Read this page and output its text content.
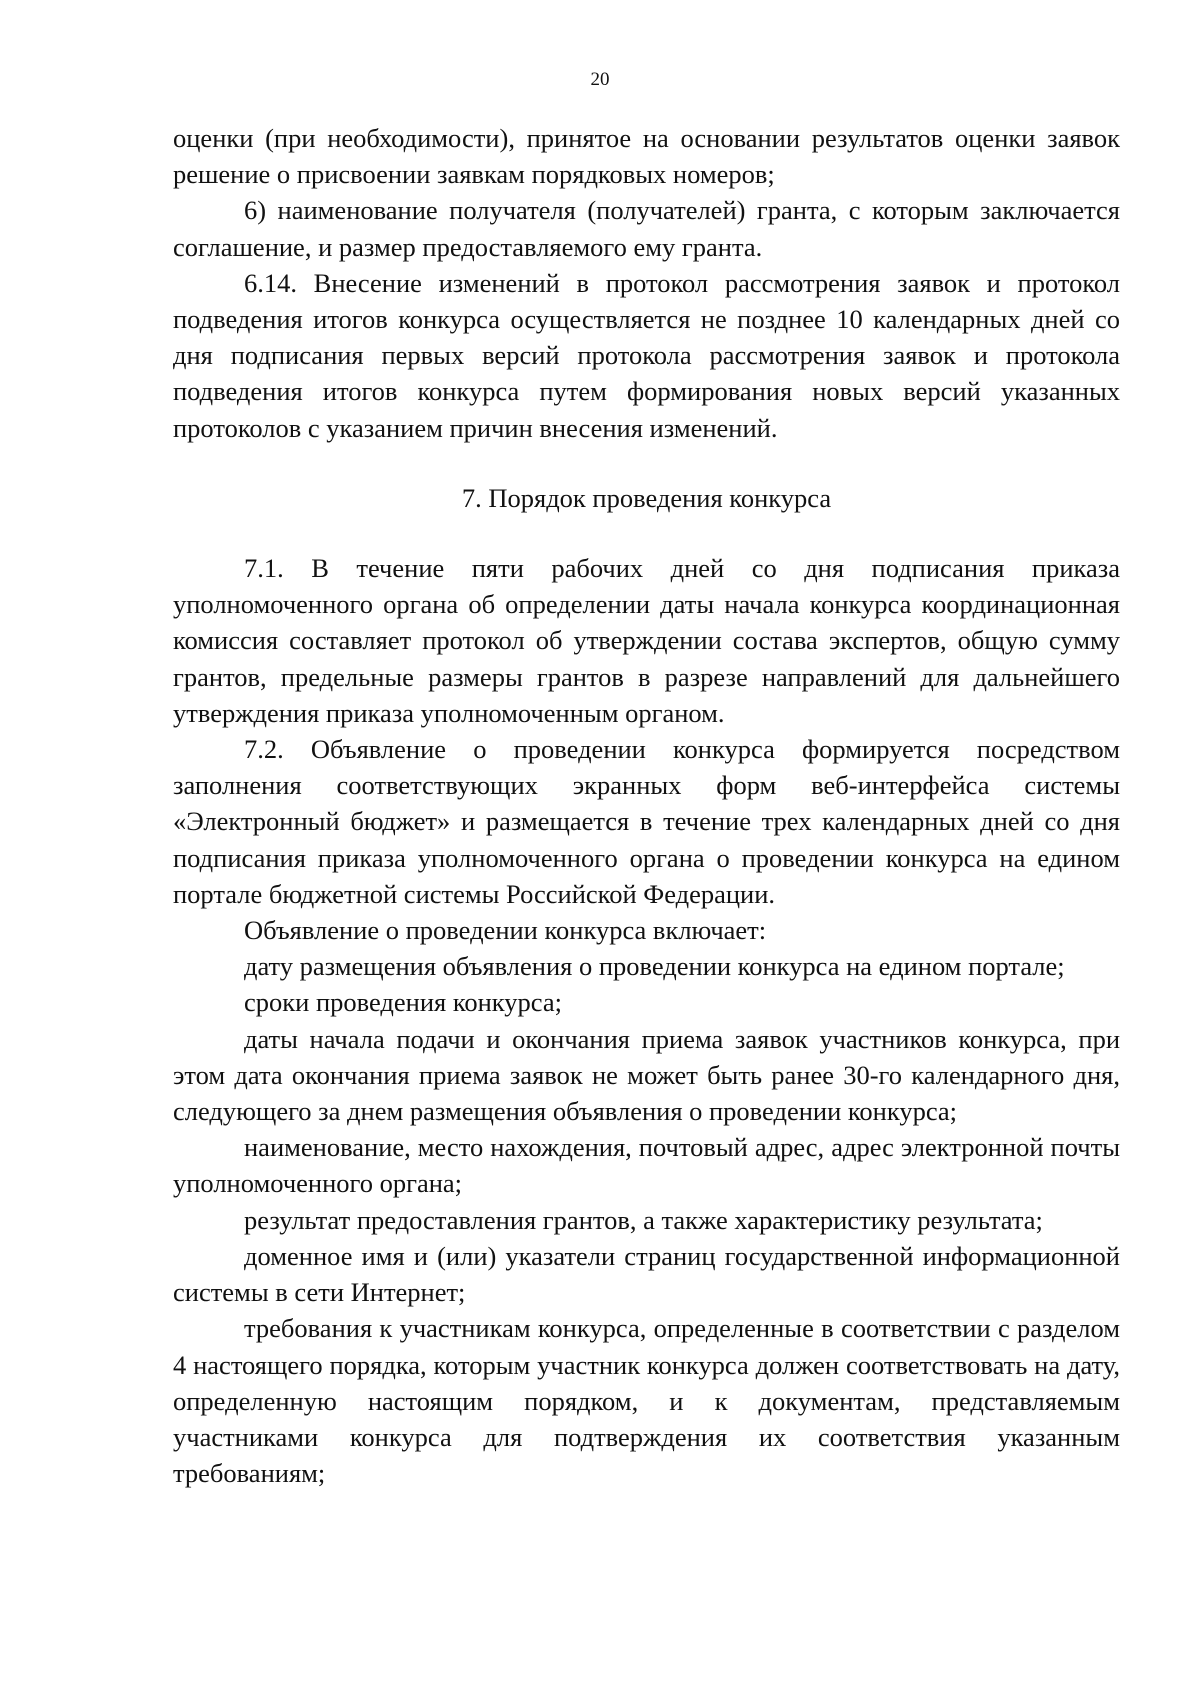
20

оценки (при необходимости), принятое на основании результатов оценки заявок решение о присвоении заявкам порядковых номеров;

6) наименование получателя (получателей) гранта, с которым заключается соглашение, и размер предоставляемого ему гранта.

6.14. Внесение изменений в протокол рассмотрения заявок и протокол подведения итогов конкурса осуществляется не позднее 10 календарных дней со дня подписания первых версий протокола рассмотрения заявок и протокола подведения итогов конкурса путем формирования новых версий указанных протоколов с указанием причин внесения изменений.

7. Порядок проведения конкурса

7.1. В течение пяти рабочих дней со дня подписания приказа уполномоченного органа об определении даты начала конкурса координационная комиссия составляет протокол об утверждении состава экспертов, общую сумму грантов, предельные размеры грантов в разрезе направлений для дальнейшего утверждения приказа уполномоченным органом.

7.2. Объявление о проведении конкурса формируется посредством заполнения соответствующих экранных форм веб-интерфейса системы «Электронный бюджет» и размещается в течение трех календарных дней со дня подписания приказа уполномоченного органа о проведении конкурса на едином портале бюджетной системы Российской Федерации.

Объявление о проведении конкурса включает:

дату размещения объявления о проведении конкурса на едином портале;

сроки проведения конкурса;

даты начала подачи и окончания приема заявок участников конкурса, при этом дата окончания приема заявок не может быть ранее 30-го календарного дня, следующего за днем размещения объявления о проведении конкурса;

наименование, место нахождения, почтовый адрес, адрес электронной почты уполномоченного органа;

результат предоставления грантов, а также характеристику результата;

доменное имя и (или) указатели страниц государственной информационной системы в сети Интернет;

требования к участникам конкурса, определенные в соответствии с разделом 4 настоящего порядка, которым участник конкурса должен соответствовать на дату, определенную настоящим порядком, и к документам, представляемым участниками конкурса для подтверждения их соответствия указанным требованиям;
